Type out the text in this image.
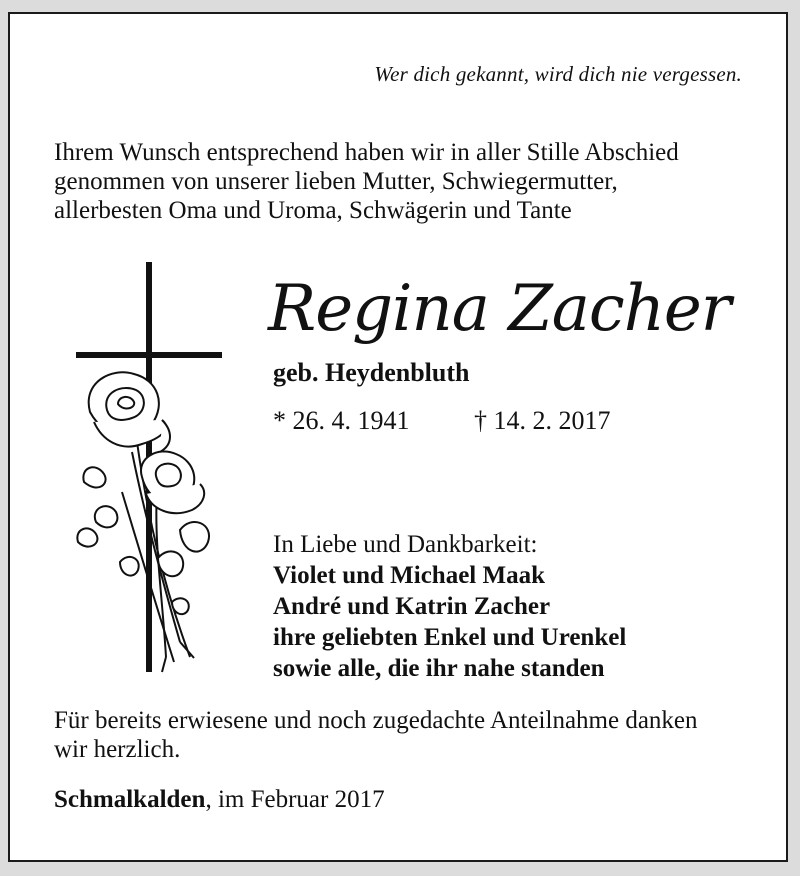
Wer dich gekannt, wird dich nie vergessen.
Ihrem Wunsch entsprechend haben wir in aller Stille Abschied
genommen von unserer lieben Mutter, Schwiegermutter,
allerbesten Oma und Uroma, Schwägerin und Tante
Regina Zacher
geb. Heydenbluth
* 26. 4. 1941 † 14. 2. 2017
In Liebe und Dankbarkeit:
Violet und Michael Maak
André und Katrin Zacher
ihre geliebten Enkel und Urenkel
sowie alle, die ihr nahe standen
Für bereits erwiesene und noch zugedachte Anteilnahme danken
wir herzlich.
Schmalkalden, im Februar 2017
